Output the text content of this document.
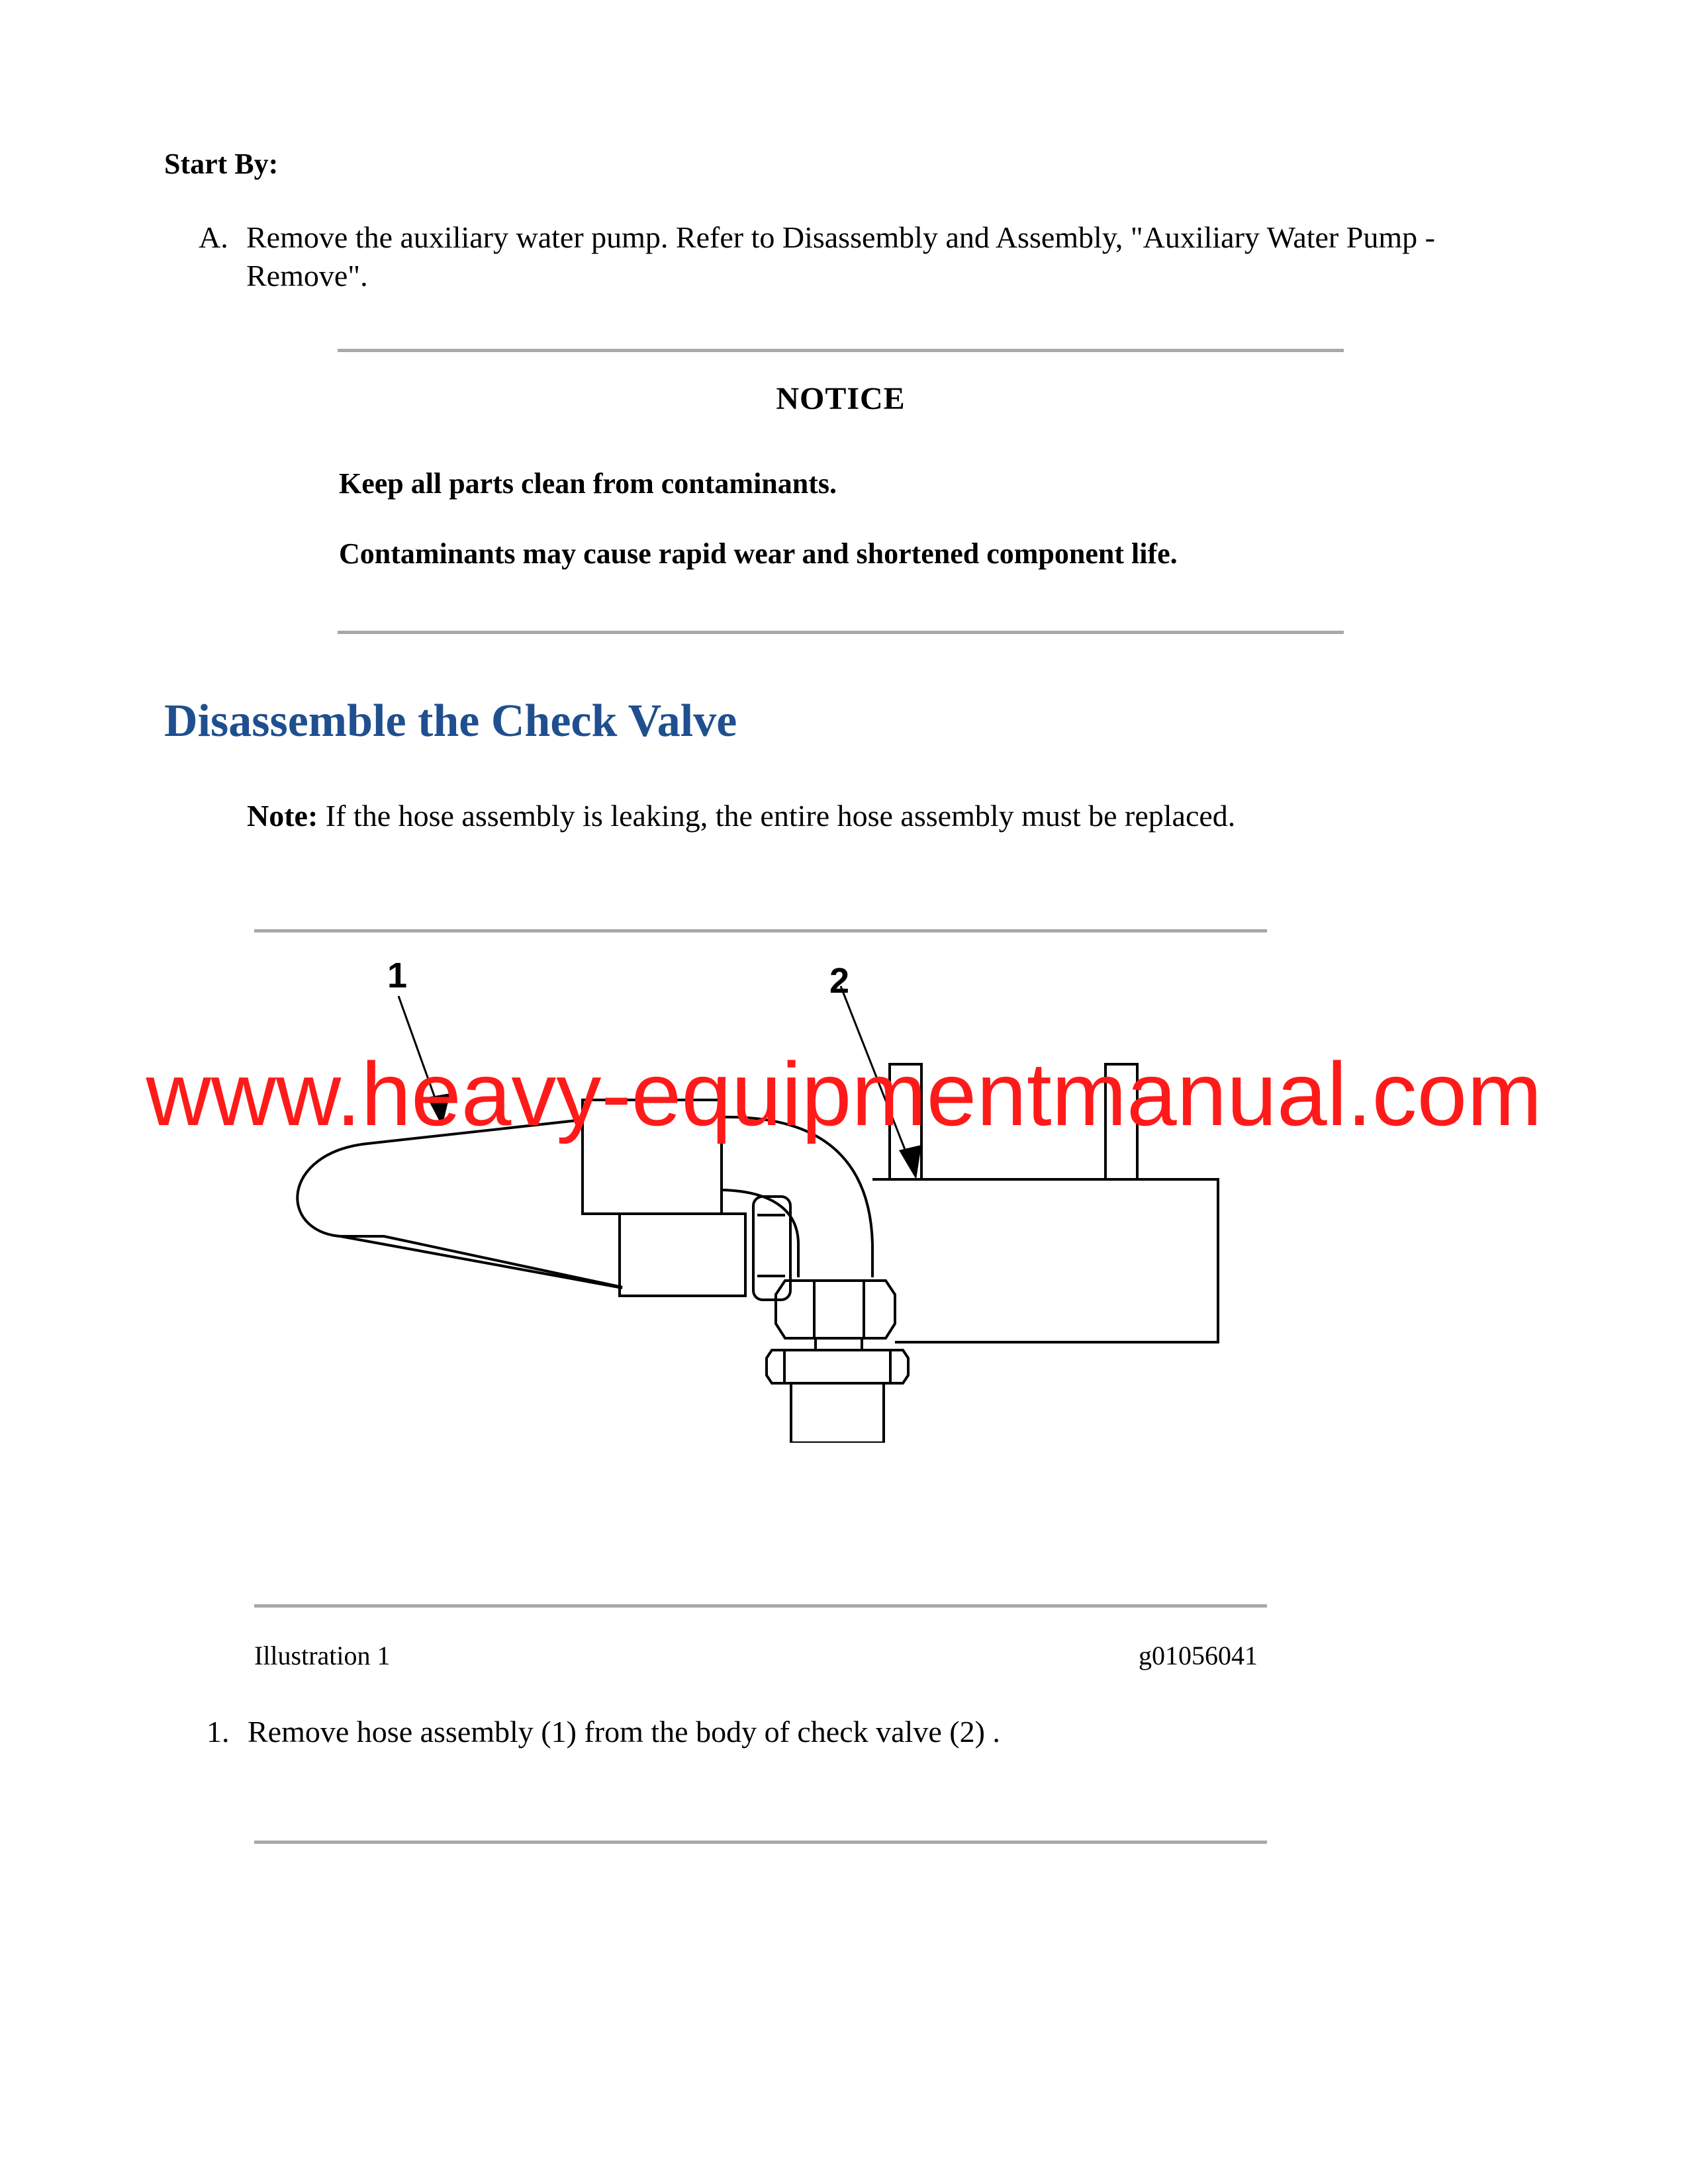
Start By:
A. Remove the auxiliary water pump. Refer to Disassembly and Assembly, "Auxiliary Water Pump - Remove".
NOTICE
Keep all parts clean from contaminants.
Contaminants may cause rapid wear and shortened component life.
Disassemble the Check Valve
Note: If the hose assembly is leaking, the entire hose assembly must be replaced.
1	2
Illustration 1	g01056041
1. Remove hose assembly (1) from the body of check valve (2) .
www.heavy-equipmentmanual.com
